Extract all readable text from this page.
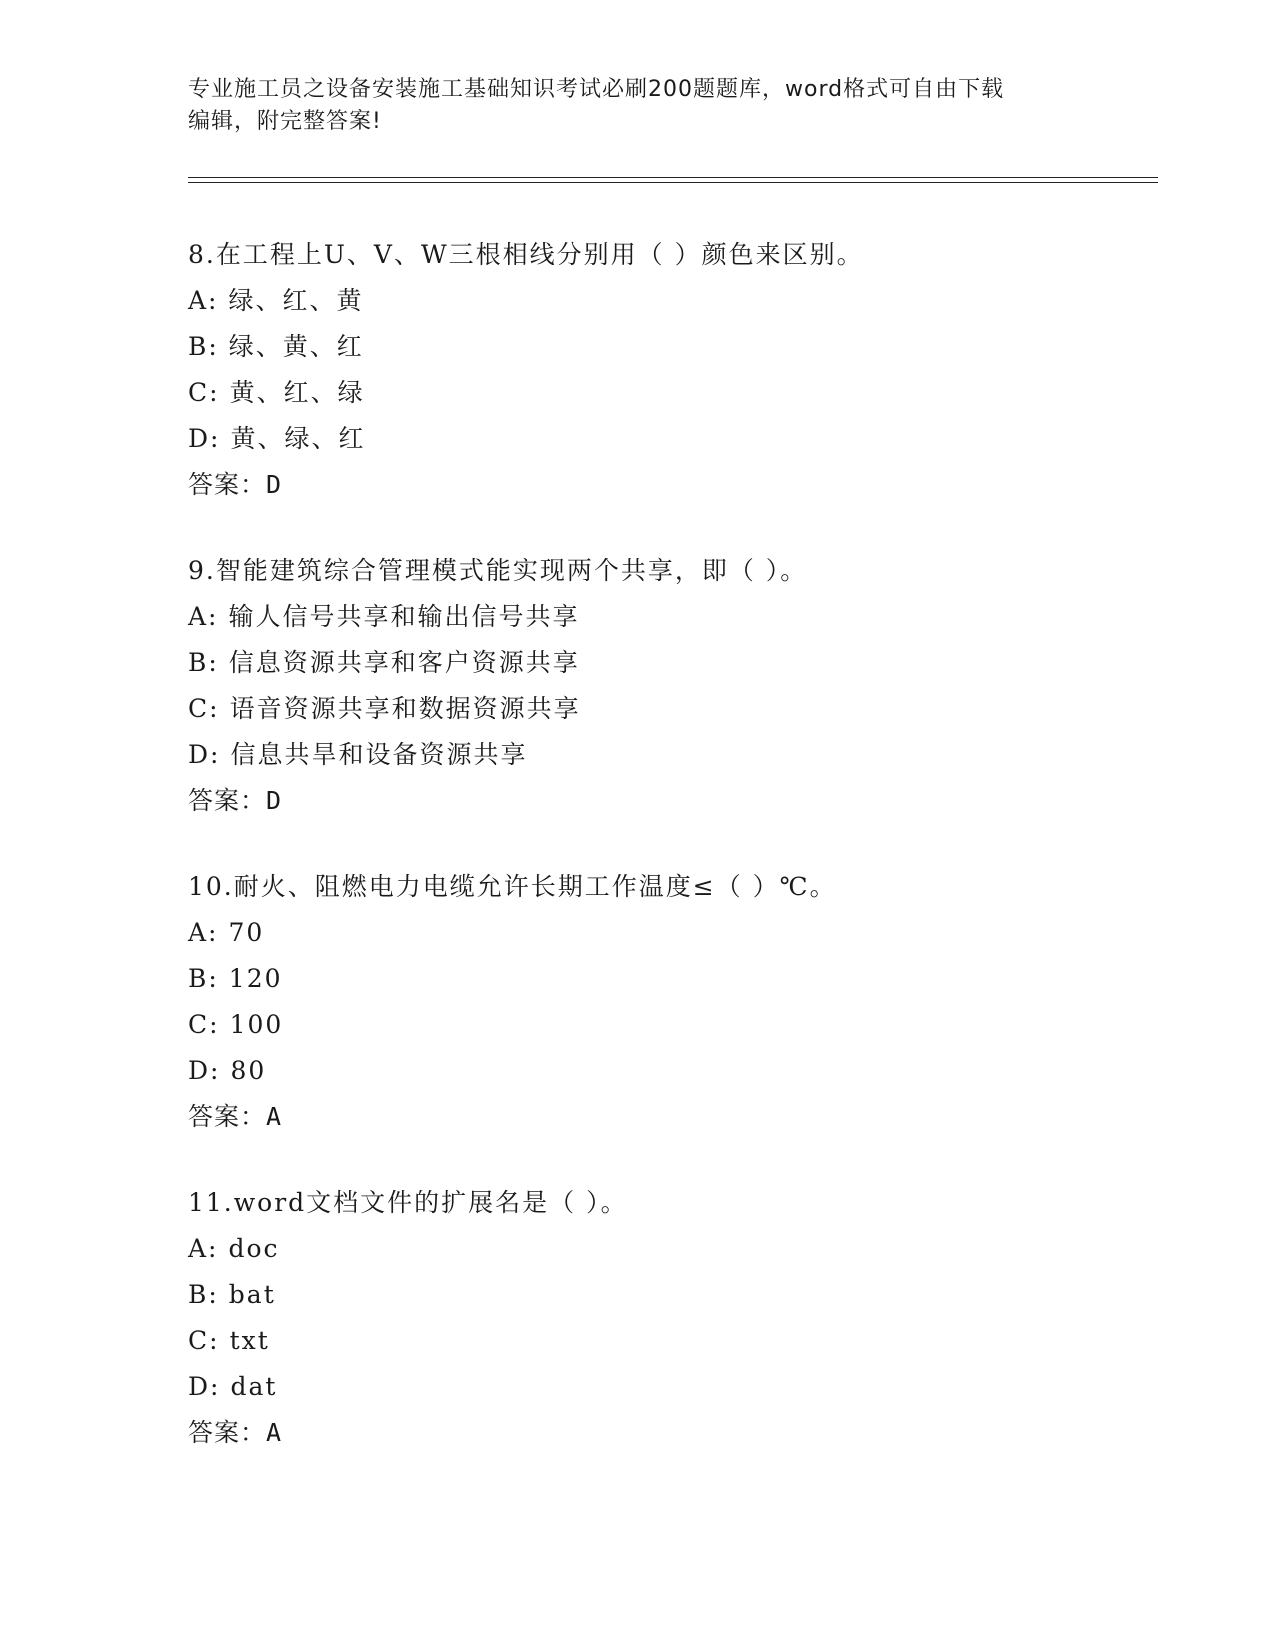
专业施工员之设备安装施工基础知识考试必刷200题题库，word格式可自由下载
编辑，附完整答案!
8.在工程上U、V、W三根相线分别用（ ）颜色来区别。
A: 绿、红、黄
B: 绿、黄、红
C: 黄、红、绿
D: 黄、绿、红
答案：D
9.智能建筑综合管理模式能实现两个共享，即（ ）。
A: 输人信号共享和输出信号共享
B: 信息资源共享和客户资源共享
C: 语音资源共享和数据资源共享
D: 信息共旱和设备资源共享
答案：D
10.耐火、阻燃电力电缆允许长期工作温度≤（ ）℃。
A: 70
B: 120
C: 100
D: 80
答案：A
11.word文档文件的扩展名是（ ）。
A: doc
B: bat
C: txt
D: dat
答案：A
